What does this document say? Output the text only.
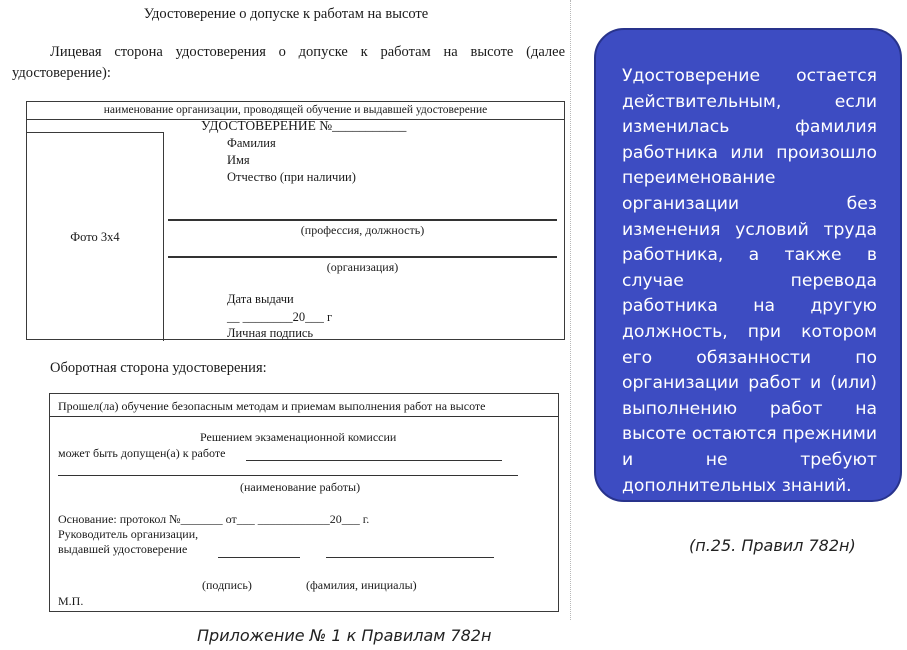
Удостоверение о допуске к работам на высоте
Лицевая сторона удостоверения о допуске к работам на высоте (далее удостоверение):
наименование организации, проводящей обучение и выдавшей удостоверение
УДОСТОВЕРЕНИЕ №___________
Фото 3x4
Фамилия
Имя
Отчество (при наличии)
(профессия, должность)
(организация)
Дата выдачи
__ ________20___ г
Личная подпись
Оборотная сторона удостоверения:
Прошел(ла) обучение безопасным методам и приемам выполнения работ на высоте
Решением экзаменационной комиссии
может быть допущен(а) к работе
(наименование работы)
Основание: протокол №_______ от___ ____________20___ г.
Руководитель организации,
выдавшей удостоверение
(подпись)	(фамилия, инициалы)
М.П.
Приложение № 1 к Правилам 782н
Удостоверение остается действительным, если изменилась фамилия работника или произошло переименование организации без изменения условий труда работника, а также в случае перевода работника на другую должность, при котором его обязанности по организации работ и (или) выполнению работ на высоте остаются прежними и не требуют дополнительных знаний.
(п.25. Правил 782н)
